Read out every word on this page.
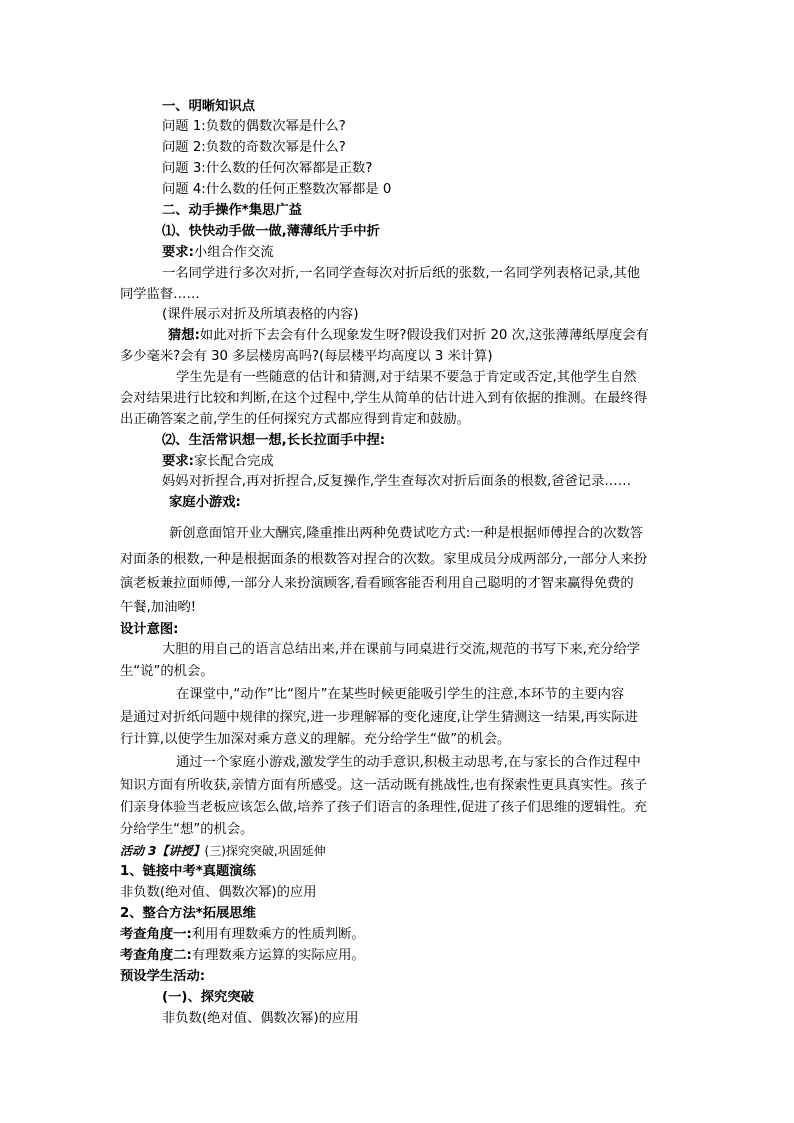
一、明晰知识点
问题 1:负数的偶数次幂是什么?
问题 2:负数的奇数次幂是什么?
问题 3:什么数的任何次幂都是正数?
问题 4:什么数的任何正整数次幂都是 0
二、动手操作*集思广益
⑴、快快动手做一做,薄薄纸片手中折
要求:小组合作交流
一名同学进行多次对折,一名同学查每次对折后纸的张数,一名同学列表格记录,其他
同学监督……
(课件展示对折及所填表格的内容)
猜想:如此对折下去会有什么现象发生呀?假设我们对折 20 次,这张薄薄纸厚度会有
多少毫米?会有 30 多层楼房高吗?(每层楼平均高度以 3 米计算)
学生先是有一些随意的估计和猜测,对于结果不要急于肯定或否定,其他学生自然
会对结果进行比较和判断,在这个过程中,学生从简单的估计进入到有依据的推测。在最终得
出正确答案之前,学生的任何探究方式都应得到肯定和鼓励。
⑵、生活常识想一想,长长拉面手中捏:
要求:家长配合完成
妈妈对折捏合,再对折捏合,反复操作,学生查每次对折后面条的根数,爸爸记录……
家庭小游戏:
新创意面馆开业大酬宾,隆重推出两种免费试吃方式:一种是根据师傅捏合的次数答
对面条的根数,一种是根据面条的根数答对捏合的次数。家里成员分成两部分,一部分人来扮
演老板兼拉面师傅,一部分人来扮演顾客,看看顾客能否利用自己聪明的才智来赢得免费的
午餐,加油哟!
设计意图:
大胆的用自己的语言总结出来,并在课前与同桌进行交流,规范的书写下来,充分给学
生“说”的机会。
在课堂中,“动作”比“图片”在某些时候更能吸引学生的注意,本环节的主要内容
是通过对折纸问题中规律的探究,进一步理解幂的变化速度,让学生猜测这一结果,再实际进
行计算,以使学生加深对乘方意义的理解。充分给学生“做”的机会。
通过一个家庭小游戏,激发学生的动手意识,积极主动思考,在与家长的合作过程中
知识方面有所收获,亲情方面有所感受。这一活动既有挑战性,也有探索性更具真实性。孩子
们亲身体验当老板应该怎么做,培养了孩子们语言的条理性,促进了孩子们思维的逻辑性。充
分给学生“想”的机会。
活动 3【讲授】(三)探究突破,巩固延伸
1、链接中考*真题演练
非负数(绝对值、偶数次幂)的应用
2、整合方法*拓展思维
考查角度一:利用有理数乘方的性质判断。
考查角度二:有理数乘方运算的实际应用。
预设学生活动:
(一)、探究突破
非负数(绝对值、偶数次幂)的应用
